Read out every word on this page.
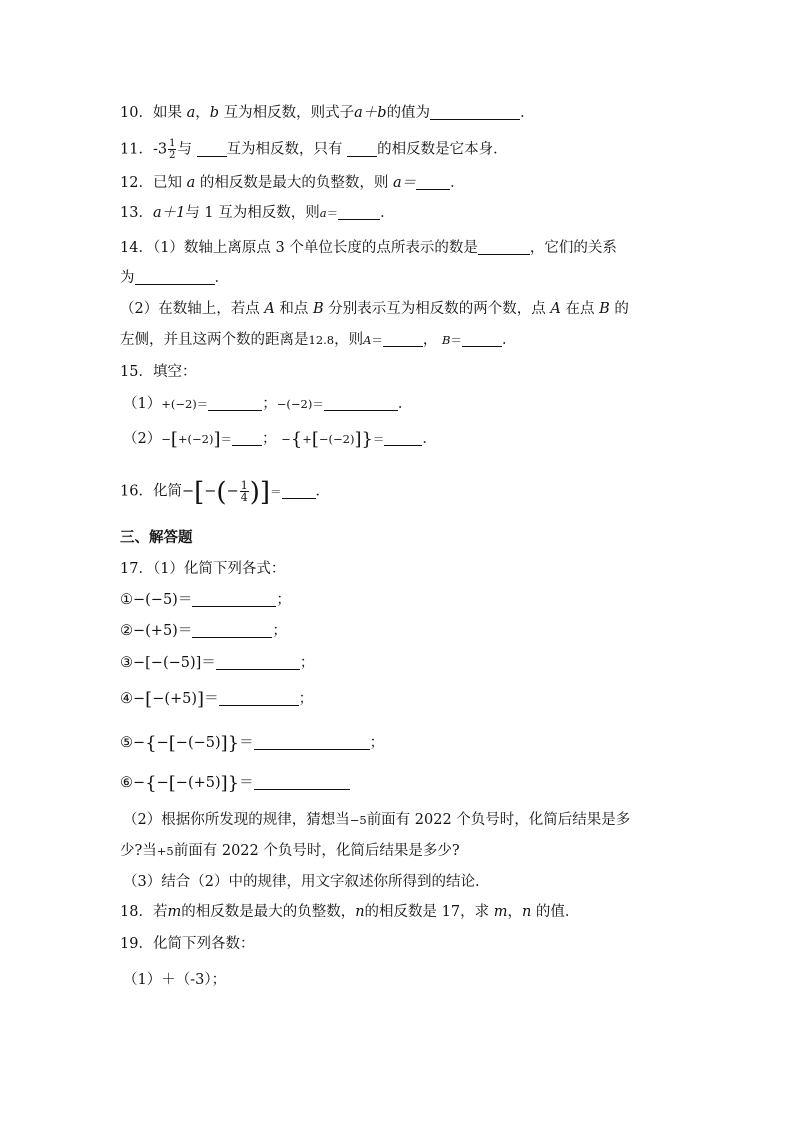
10．如果 a，b 互为相反数，则式子a＋b的值为	．
11．$-3 \frac{1}{2}$ 与 互为相反数，只有 的相反数是它本身．
12．已知 a 的相反数是最大的负整数，则 a＝ ．
13．a＋1与 1 互为相反数，则a＝	．
14．（1）数轴上离原点 3 个单位长度的点所表示的数是	，它们的关系
为	．
（2）在数轴上，若点 A 和点 B 分别表示互为相反数的两个数，点 A 在点 B 的
左侧，并且这两个数的距离是12.8，则A＝	， B＝	．
15．填空：
（1）+(−2)＝	；−(−2)＝	．
（2）−[+(−2)]＝ ； −{+[−(−2)]}＝	．
16．化简−[−(− $\frac{1}{4}$ )]＝ ．
三、解答题
17．（1）化简下列各式：
①−(−5)＝	；
②−(+5)＝	；
③−[−(−5)]＝	；
④−[−(+5)]＝	；
⑤−{−[−(−5)]}＝	；
⑥−{−[−(+5)]}＝
（2）根据你所发现的规律，猜想当−5前面有 2022 个负号时，化简后结果是多
少?当+5前面有 2022 个负号时，化简后结果是多少?
（3）结合（2）中的规律，用文字叙述你所得到的结论.
18．若m的相反数是最大的负整数，n的相反数是 17，求 m，n 的值．
19．化简下列各数：
（1）＋（-3）；
